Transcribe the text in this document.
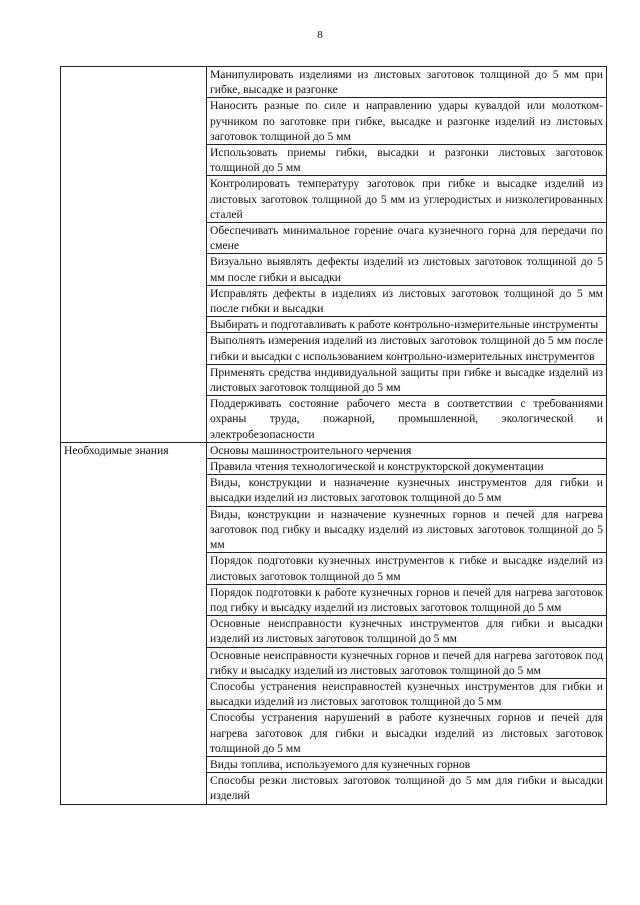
8
	Манипулировать изделиями из листовых заготовок толщиной до 5 мм при гибке, высадке и разгонке
	Наносить разные по силе и направлению удары кувалдой или молотком-ручником по заготовке при гибке, высадке и разгонке изделий из листовых заготовок толщиной до 5 мм
	Использовать приемы гибки, высадки и разгонки листовых заготовок толщиной до 5 мм
	Контролировать температуру заготовок при гибке и высадке изделий из листовых заготовок толщиной до 5 мм из углеродистых и низколегированных сталей
	Обеспечивать минимальное горение очага кузнечного горна для передачи по смене
	Визуально выявлять дефекты изделий из листовых заготовок толщиной до 5 мм после гибки и высадки
	Исправлять дефекты в изделиях из листовых заготовок толщиной до 5 мм после гибки и высадки
	Выбирать и подготавливать к работе контрольно-измерительные инструменты
	Выполнять измерения изделий из листовых заготовок толщиной до 5 мм после гибки и высадки с использованием контрольно-измерительных инструментов
	Применять средства индивидуальной защиты при гибке и высадке изделий из листовых заготовок толщиной до 5 мм
	Поддерживать состояние рабочего места в соответствии с требованиями охраны труда, пожарной, промышленной, экологической и электробезопасности
Необходимые знания	Основы машиностроительного черчения
	Правила чтения технологической и конструкторской документации
	Виды, конструкции и назначение кузнечных инструментов для гибки и высадки изделий из листовых заготовок толщиной до 5 мм
	Виды, конструкции и назначение кузнечных горнов и печей для нагрева заготовок под гибку и высадку изделий из листовых заготовок толщиной до 5 мм
	Порядок подготовки кузнечных инструментов к гибке и высадке изделий из листовых заготовок толщиной до 5 мм
	Порядок подготовки к работе кузнечных горнов и печей для нагрева заготовок под гибку и высадку изделий из листовых заготовок толщиной до 5 мм
	Основные неисправности кузнечных инструментов для гибки и высадки изделий из листовых заготовок толщиной до 5 мм
	Основные неисправности кузнечных горнов и печей для нагрева заготовок под гибку и высадку изделий из листовых заготовок толщиной до 5 мм
	Способы устранения неисправностей кузнечных инструментов для гибки и высадки изделий из листовых заготовок толщиной до 5 мм
	Способы устранения нарушений в работе кузнечных горнов и печей для нагрева заготовок для гибки и высадки изделий из листовых заготовок толщиной до 5 мм
	Виды топлива, используемого для кузнечных горнов
	Способы резки листовых заготовок толщиной до 5 мм для гибки и высадки изделий
